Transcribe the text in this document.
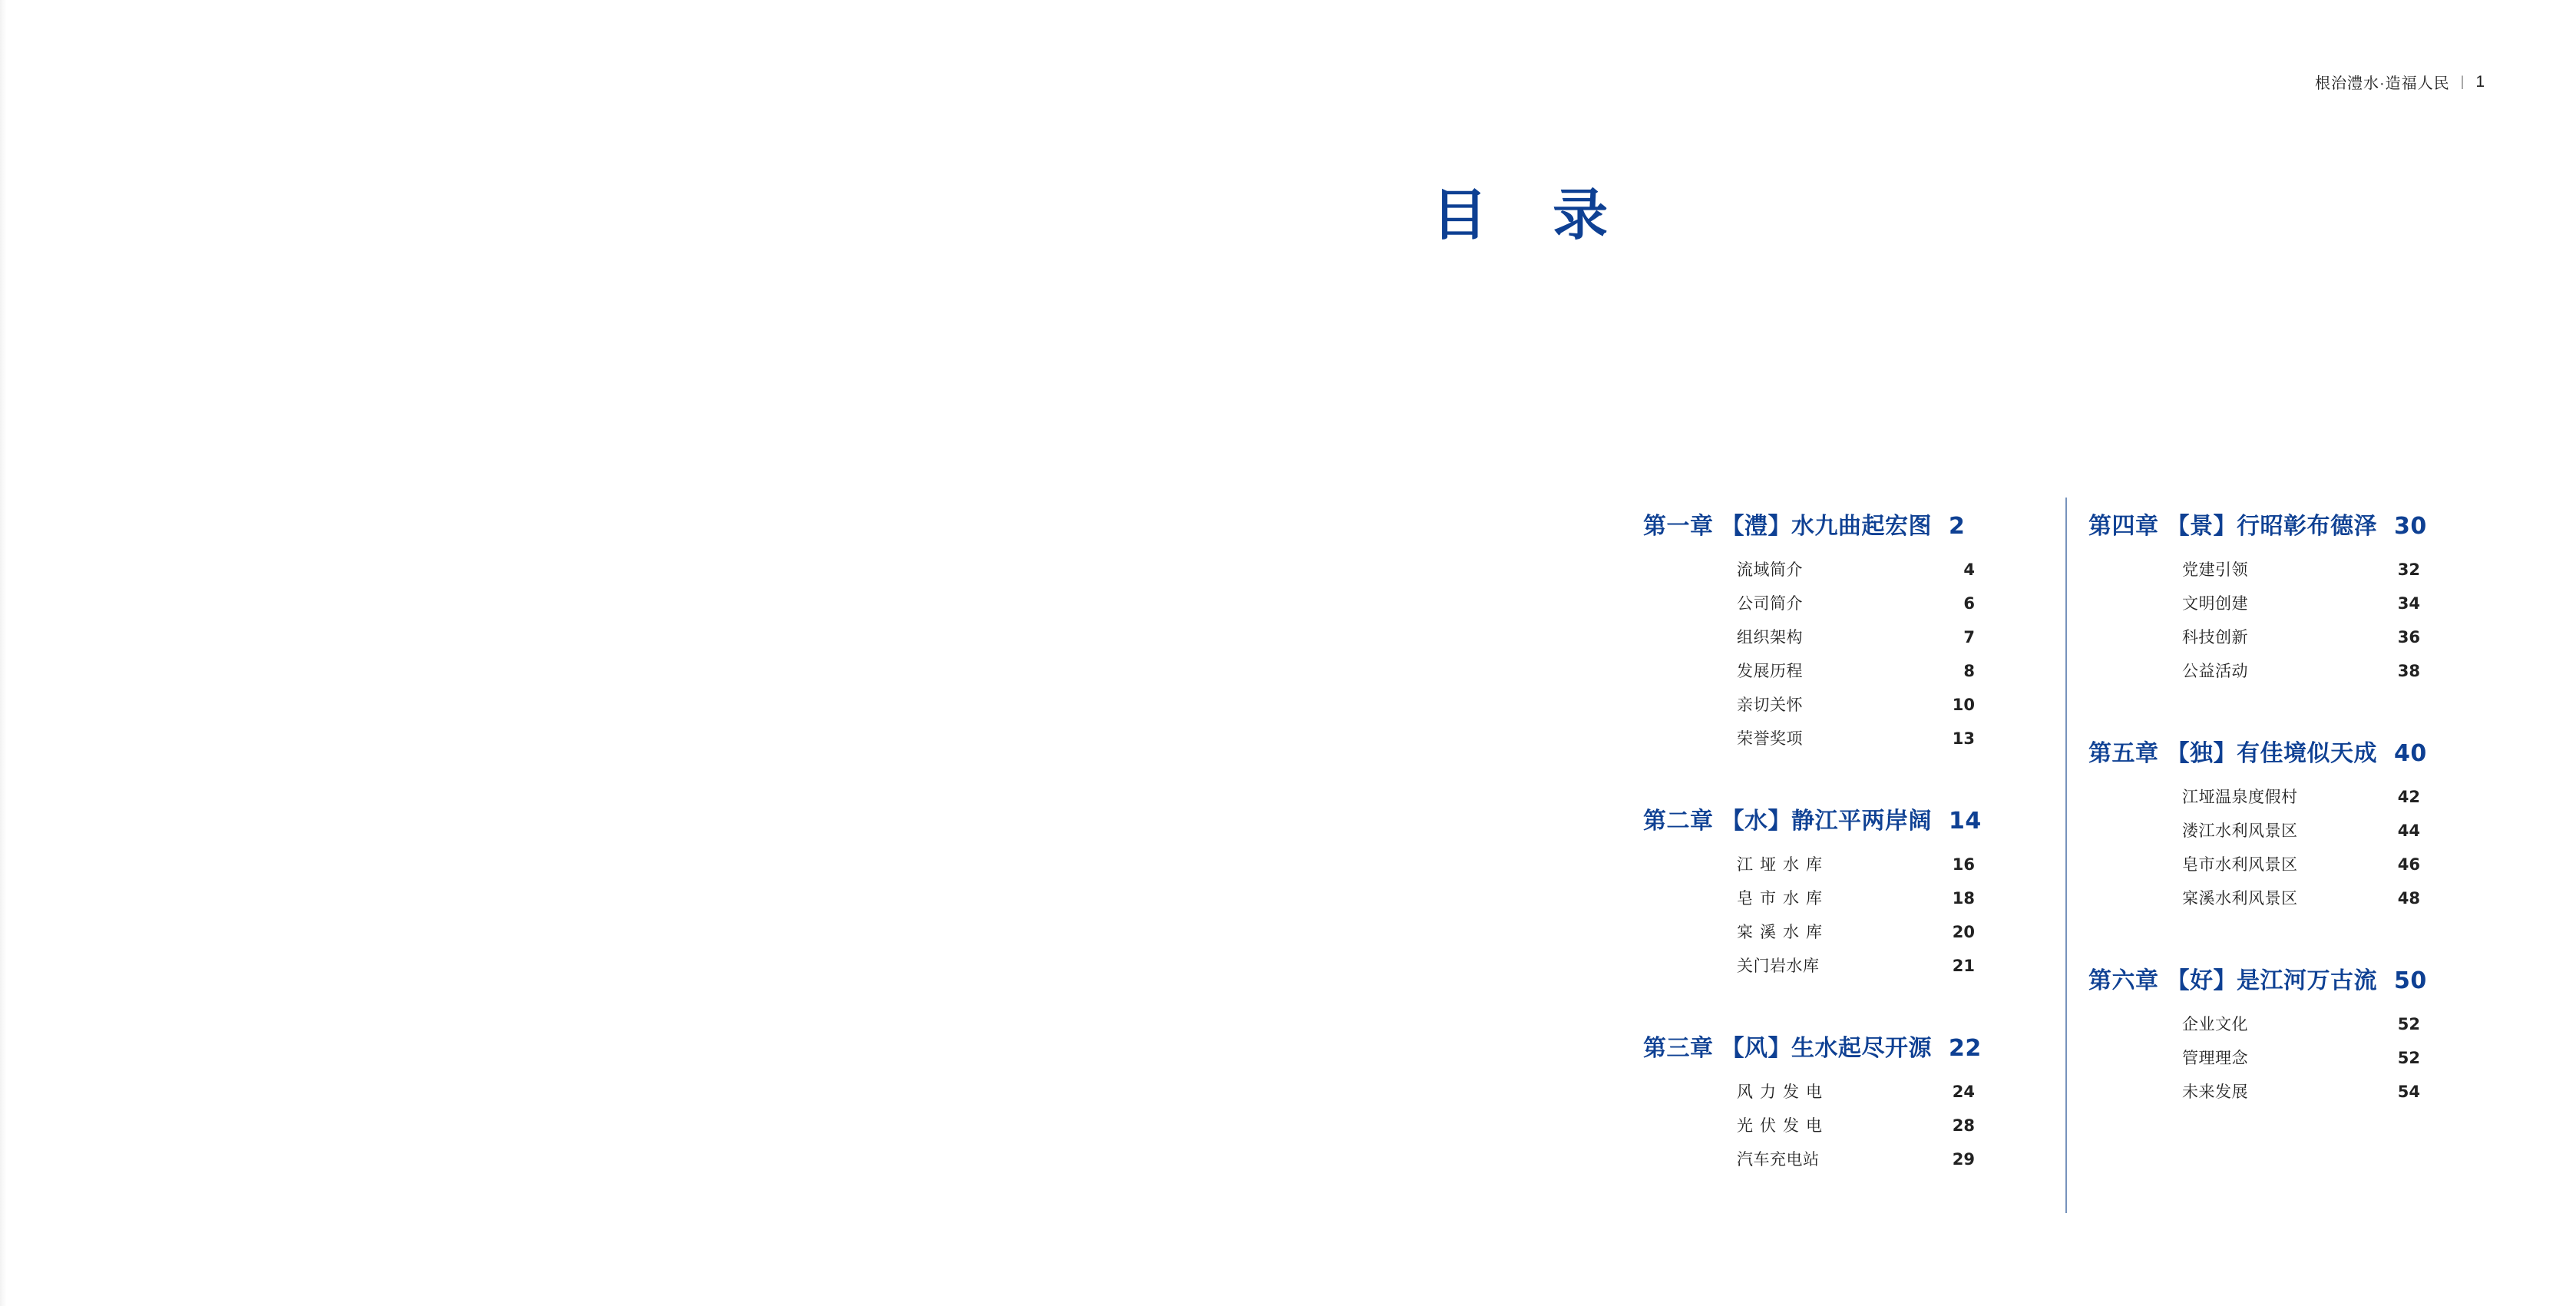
根治澧水·造福人民 | 1
目 录
第一章 【澧】水九曲起宏图 2
流域简介	4
公司简介	6
组织架构	7
发展历程	8
亲切关怀	10
荣誉奖项	13
第二章 【水】静江平两岸阔 14
江垭水库	16
皂市水库	18
宲溪水库	20
关门岩水库	21
第三章 【风】生水起尽开源 22
风力发电	24
光伏发电	28
汽车充电站	29
第四章 【景】行昭彰布德泽 30
党建引领	32
文明创建	34
科技创新	36
公益活动	38
第五章 【独】有佳境似天成 40
江垭温泉度假村	42
溇江水利风景区	44
皂市水利风景区	46
宲溪水利风景区	48
第六章 【好】是江河万古流 50
企业文化	52
管理理念	52
未来发展	54
